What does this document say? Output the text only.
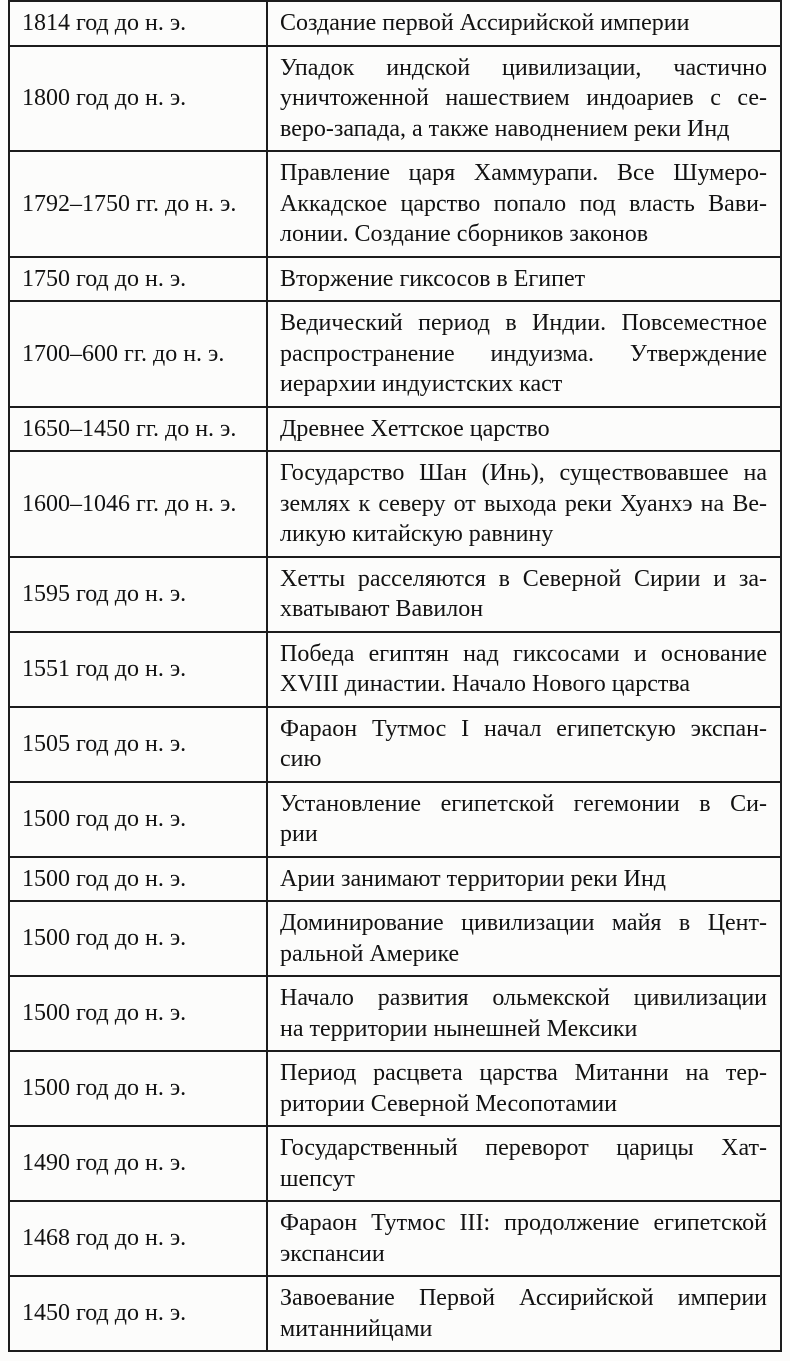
1814 год до н. э.	Создание первой Ассирийской империи

1800 год до н. э.	Упадок индской цивилизации, частично
уничтоженной нашествием индоариев с се-
веро-запада, а также наводнением реки Инд

1792–1750 гг. до н. э.	Правление царя Хаммурапи. Все Шумеро-
Аккадское царство попало под власть Вави-
лонии. Создание сборников законов

1750 год до н. э.	Вторжение гиксосов в Египет

1700–600 гг. до н. э.	Ведический период в Индии. Повсеместное
распространение индуизма. Утверждение
иерархии индуистских каст

1650–1450 гг. до н. э.	Древнее Хеттское царство

1600–1046 гг. до н. э.	Государство Шан (Инь), существовавшее на
землях к северу от выхода реки Хуанхэ на Ве-
ликую китайскую равнину

1595 год до н. э.	Хетты расселяются в Северной Сирии и за-
хватывают Вавилон

1551 год до н. э.	Победа египтян над гиксосами и основание
XVIII династии. Начало Нового царства

1505 год до н. э.	Фараон Тутмос I начал египетскую экспан-
сию

1500 год до н. э.	Установление египетской гегемонии в Си-
рии

1500 год до н. э.	Арии занимают территории реки Инд

1500 год до н. э.	Доминирование цивилизации майя в Цент-
ральной Америке

1500 год до н. э.	Начало развития ольмекской цивилизации
на территории нынешней Мексики

1500 год до н. э.	Период расцвета царства Митанни на тер-
ритории Северной Месопотамии

1490 год до н. э.	Государственный переворот царицы Хат-
шепсут

1468 год до н. э.	Фараон Тутмос III: продолжение египетской
экспансии

1450 год до н. э.	Завоевание Первой Ассирийской империи
митаннийцами
